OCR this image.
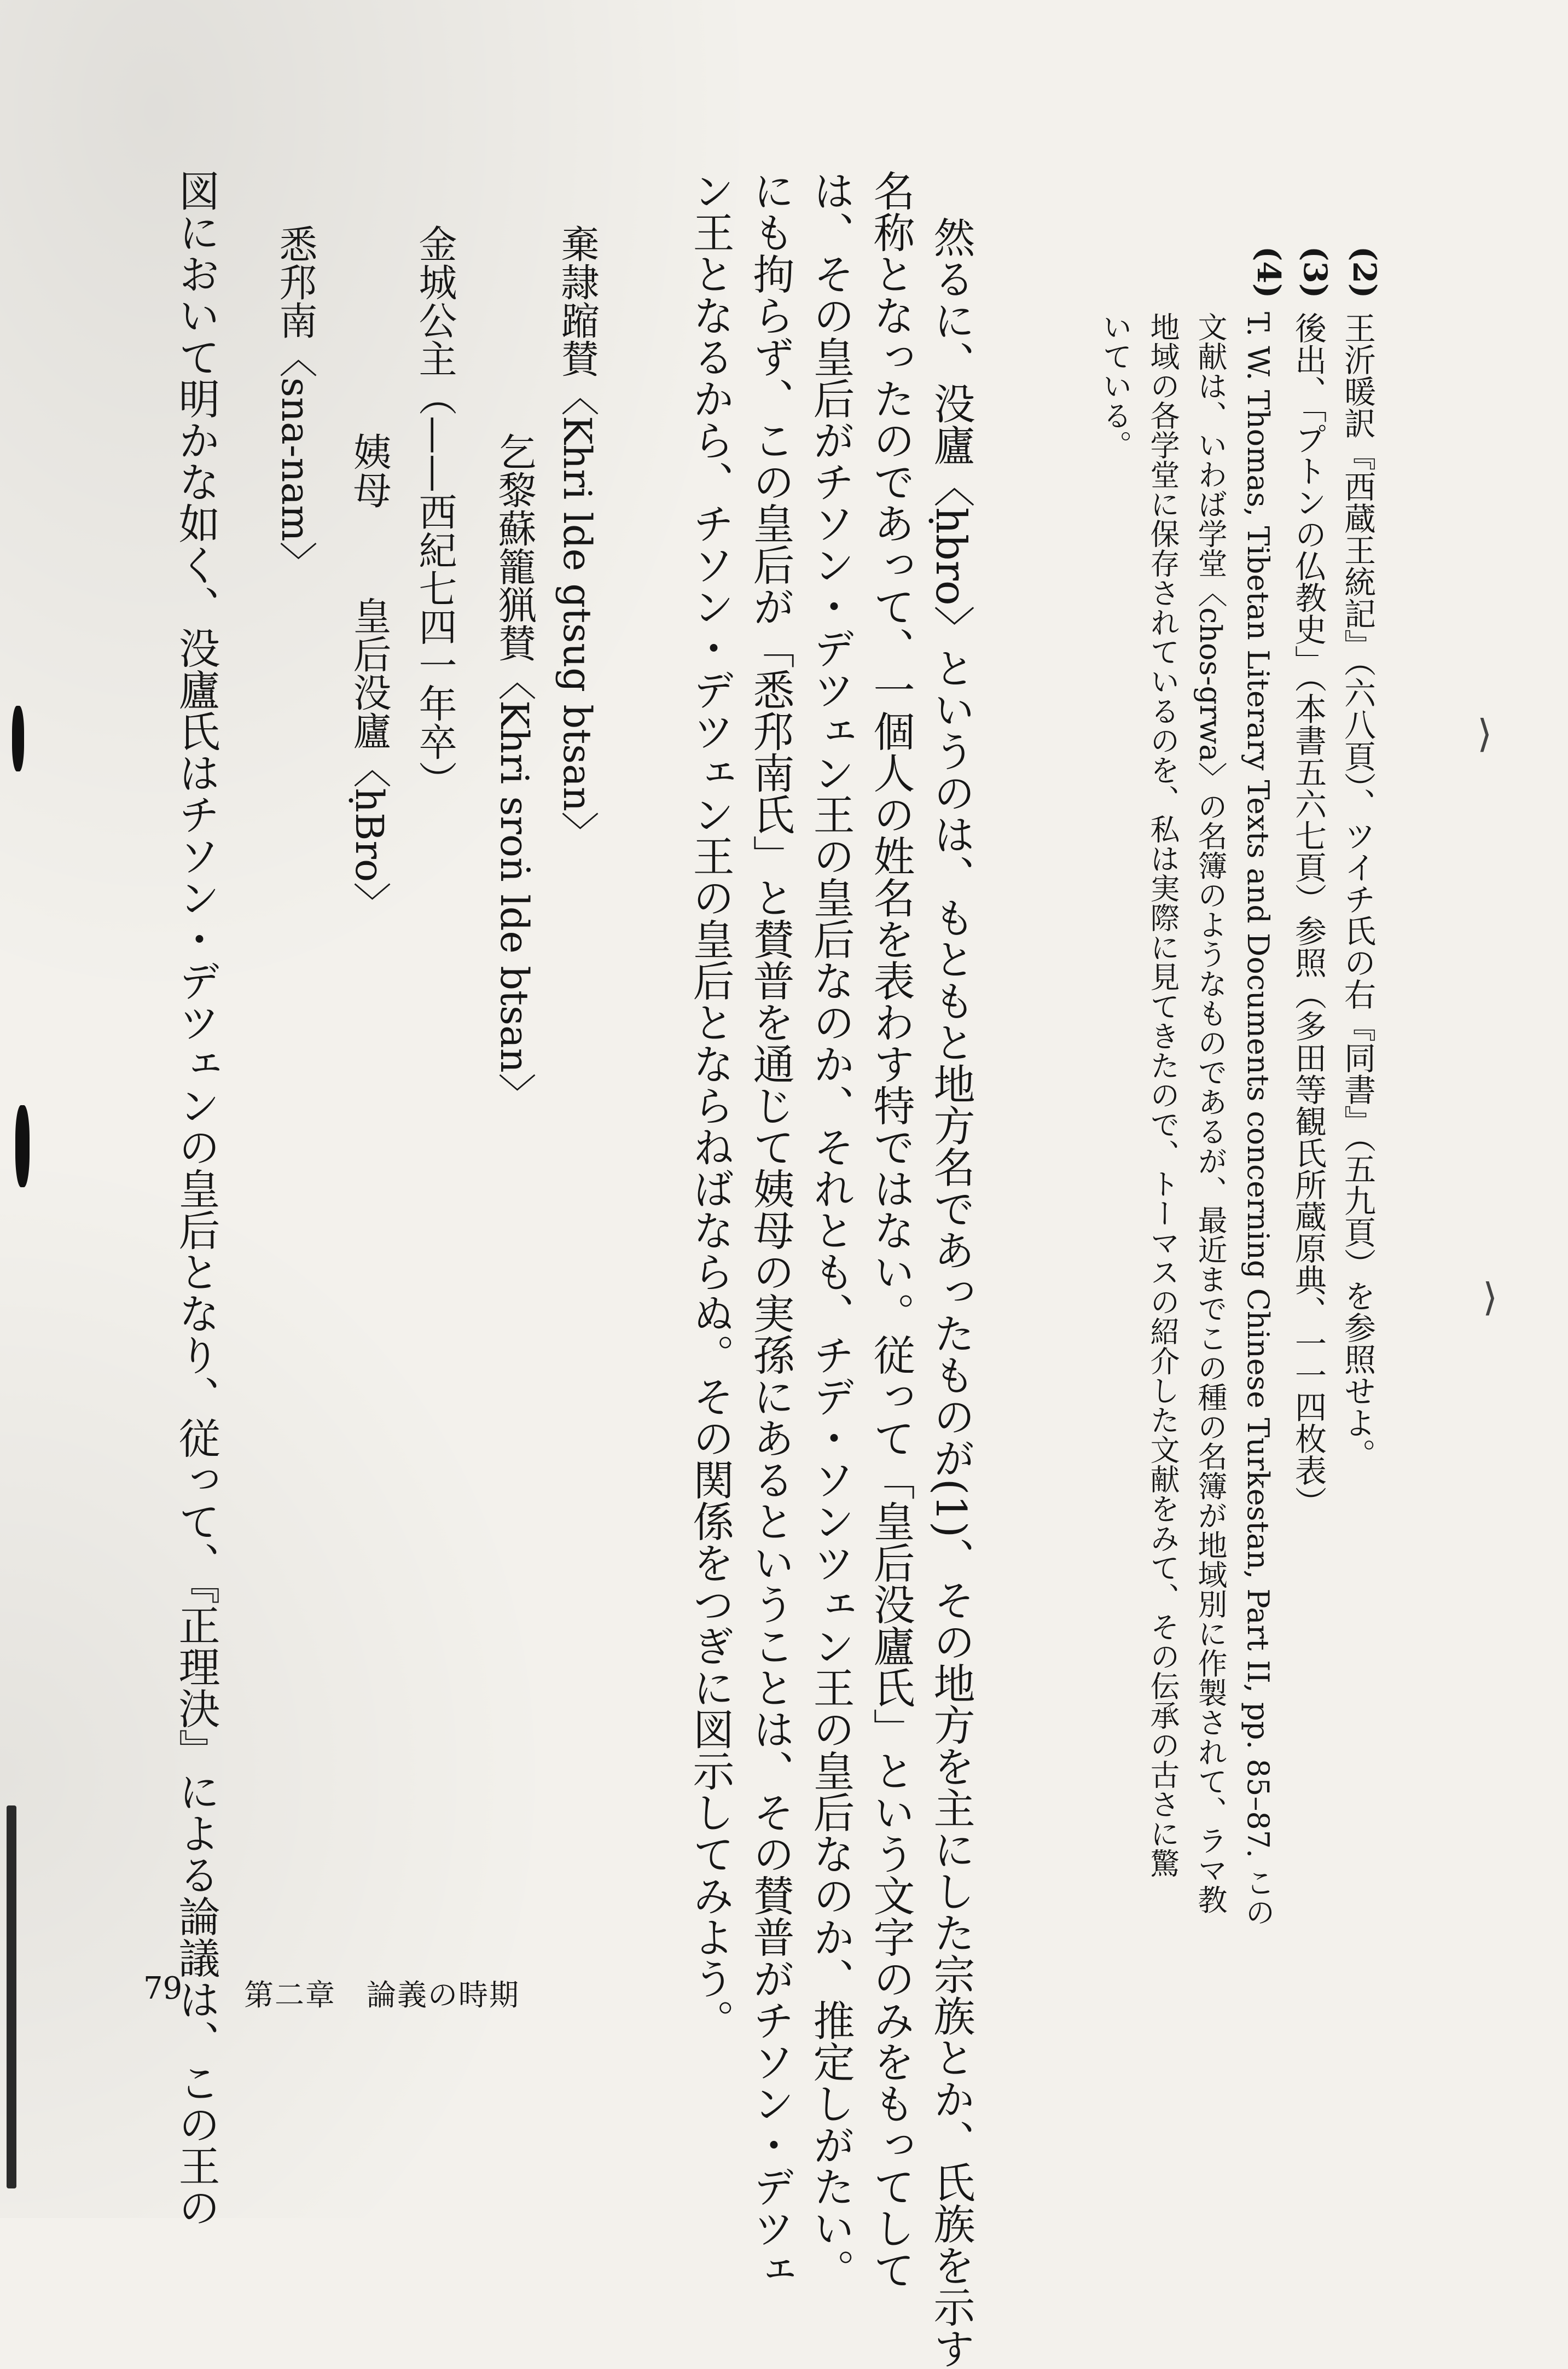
(2)
王沂暖訳『西蔵王統記』（六八頁）、ツイチ氏の右『同書』（五九頁）を参照せよ。
(3)
後出、「プトンの仏教史」（本書五六七頁）参照（多田等観氏所蔵原典、一一四枚表）
(4)
T. W. Thomas, Tibetan Literary Texts and Documents concerning Chinese Turkestan, Part II, pp. 85–87. この
文献は、いわば学堂〈chos-grwa〉の名簿のようなものであるが、最近までこの種の名簿が地域別に作製されて、ラマ教
地域の各学堂に保存されているのを、私は実際に見てきたので、トーマスの紹介した文献をみて、その伝承の古さに驚
いている。
然るに、没廬〈ḥbro〉というのは、もともと地方名であったものが(1)、その地方を主にした宗族とか、氏族を示す
名称となったのであって、一個人の姓名を表わす特ではない。従って「皇后没廬氏」という文字のみをもってして
は、その皇后がチソン・デツェン王の皇后なのか、それとも、チデ・ソンツェン王の皇后なのか、推定しがたい。
にも拘らず、この皇后が「悉䢴南氏」と賛普を通じて姨母の実孫にあるということは、その賛普がチソン・デツェ
ン王となるから、チソン・デツェン王の皇后とならねばならぬ。その関係をつぎに図示してみよう。
棄隷蹜賛〈Khri lde gtsug btsan〉
乞黎蘇籠猟賛〈Khri sroṅ lde btsan〉
金城公主（——西紀七四一年卒）
姨母
皇后没廬〈ḥBro〉
悉䢴南〈sna-nam〉
図において明かな如く、没廬氏はチソン・デツェンの皇后となり、従って、『正理決』による論議は、この王の
79 第二章　論義の時期
⟩
⟩
